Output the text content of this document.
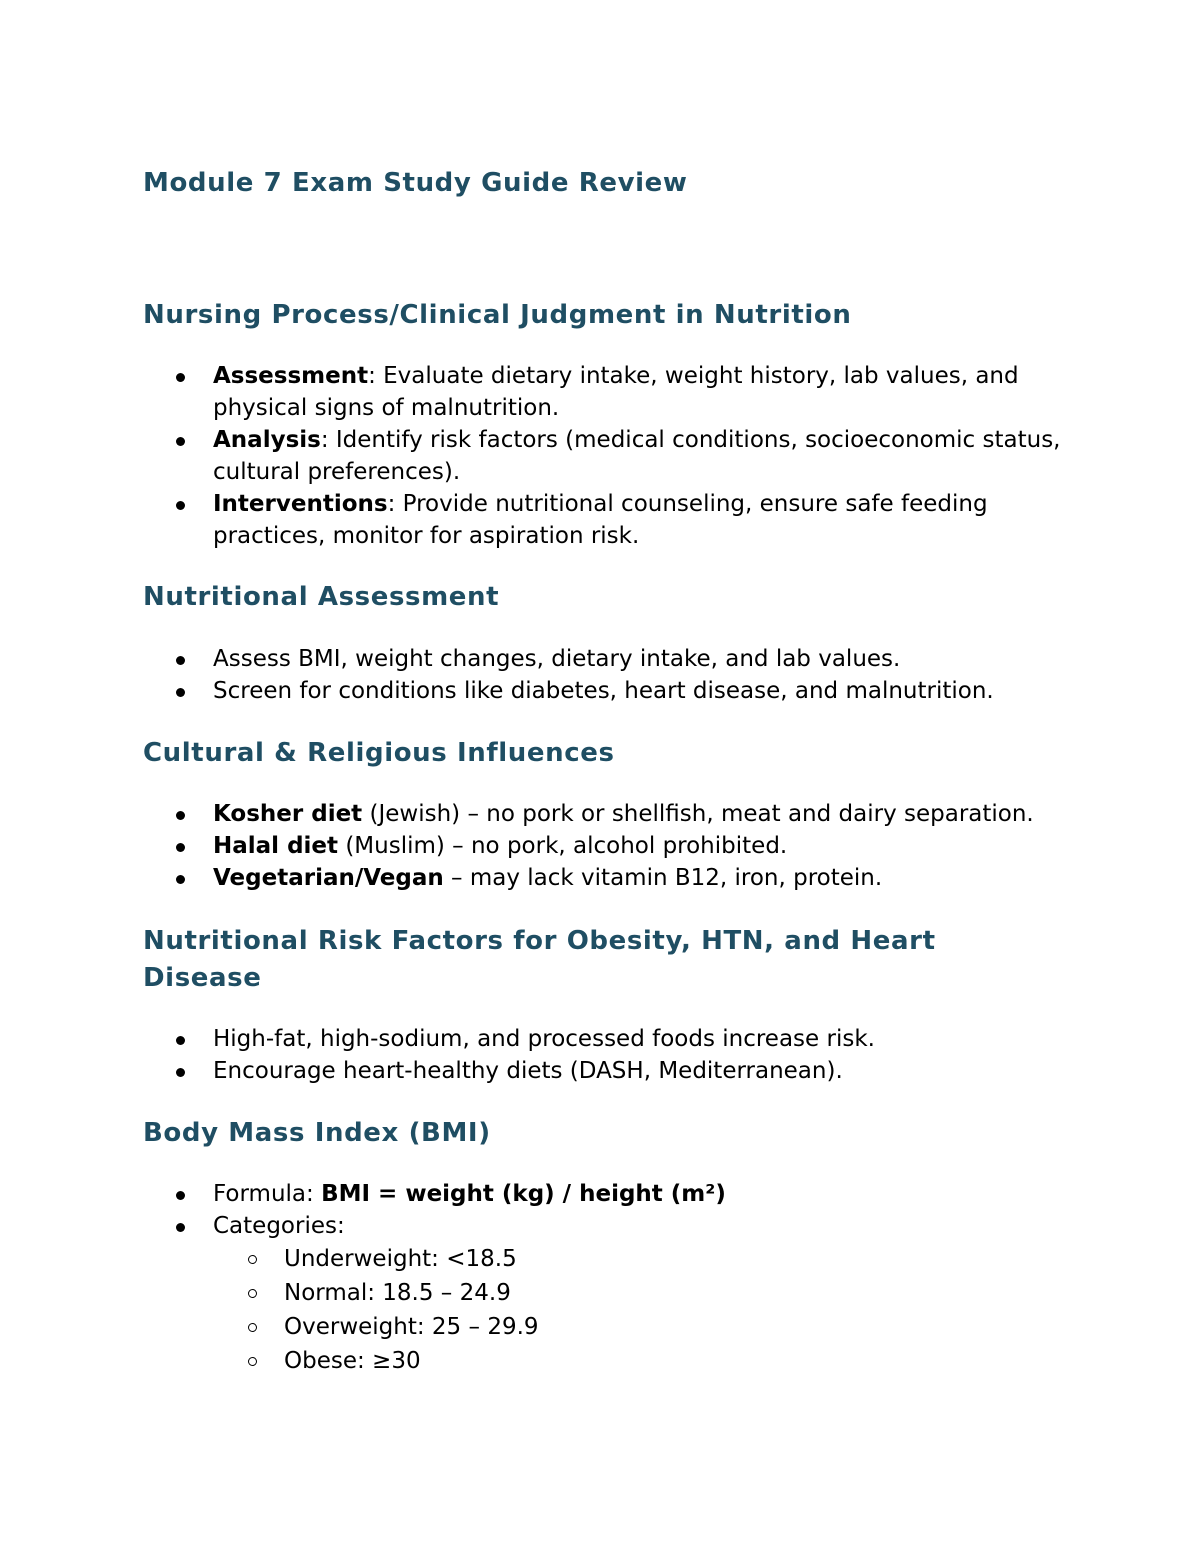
Module 7 Exam Study Guide Review
Nursing Process/Clinical Judgment in Nutrition
Assessment: Evaluate dietary intake, weight history, lab values, and physical signs of malnutrition.
Analysis: Identify risk factors (medical conditions, socioeconomic status, cultural preferences).
Interventions: Provide nutritional counseling, ensure safe feeding practices, monitor for aspiration risk.
Nutritional Assessment
Assess BMI, weight changes, dietary intake, and lab values.
Screen for conditions like diabetes, heart disease, and malnutrition.
Cultural & Religious Influences
Kosher diet (Jewish) – no pork or shellfish, meat and dairy separation.
Halal diet (Muslim) – no pork, alcohol prohibited.
Vegetarian/Vegan – may lack vitamin B12, iron, protein.
Nutritional Risk Factors for Obesity, HTN, and Heart Disease
High-fat, high-sodium, and processed foods increase risk.
Encourage heart-healthy diets (DASH, Mediterranean).
Body Mass Index (BMI)
Formula: BMI = weight (kg) / height (m²)
Categories:
Underweight: <18.5
Normal: 18.5 – 24.9
Overweight: 25 – 29.9
Obese: ≥30
